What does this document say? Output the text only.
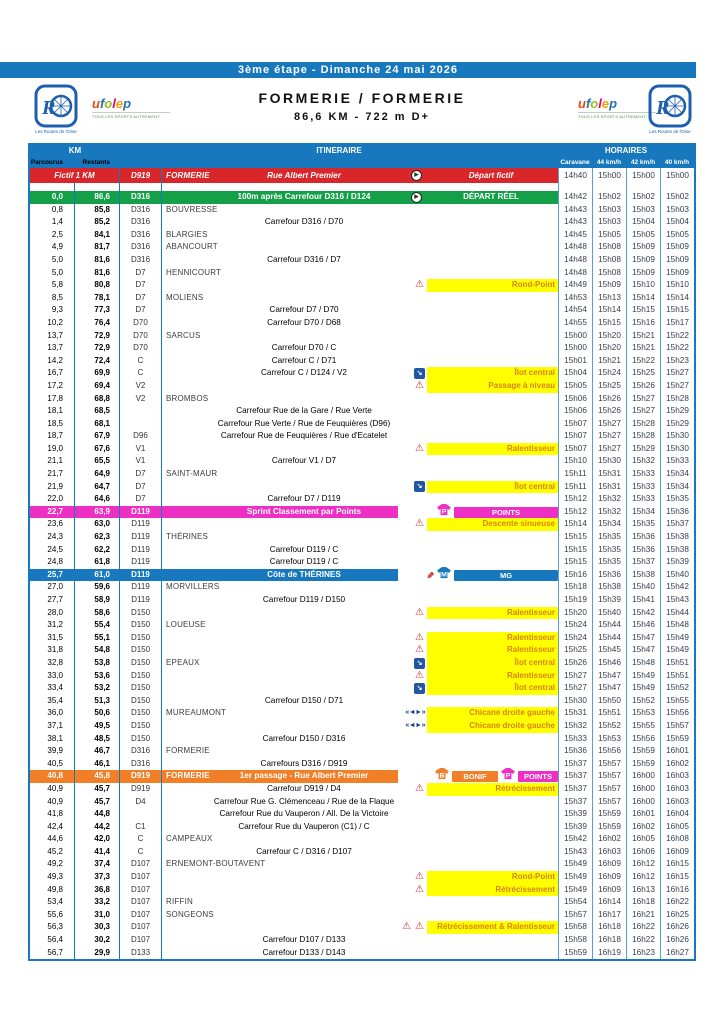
3ème étape - Dimanche 24 mai 2026
R
Les Routes de l'Oise
ufolep
TOUS LES SPORTS AUTREMENT
FORMERIE / FORMERIE
86,6 KM - 722 m D+
ufolep
TOUS LES SPORTS AUTREMENT R
Les Routes de l'Oise
KM	ITINERAIRE	HORAIRES
Parcourus	Restants	Caravane	44 km/h	42 km/h	40 km/h
Fictif 1 KM	D919	FORMERIE	Rue Albert Premier	▶	Départ fictif	14h40	15h00	15h00	15h00
0,0	86,6	D316	100m après Carrefour D316 / D124	▶	DÉPART RÉEL	14h42	15h02	15h02	15h02
0,8	85,8	D316	BOUVRESSE	14h43	15h03	15h03	15h03
1,4	85,2	D316	Carrefour D316 / D70	14h43	15h03	15h04	15h04
2,5	84,1	D316	BLARGIES	14h45	15h05	15h05	15h05
4,9	81,7	D316	ABANCOURT	14h48	15h08	15h09	15h09
5,0	81,6	D316	Carrefour D316 / D7	14h48	15h08	15h09	15h09
5,0	81,6	D7	HENNICOURT	14h48	15h08	15h09	15h09
5,8	80,8	D7	⚠	Rond-Point	14h49	15h09	15h10	15h10
8,5	78,1	D7	MOLIENS	14h53	15h13	15h14	15h14
9,3	77,3	D7	Carrefour D7 / D70	14h54	15h14	15h15	15h15
10,2	76,4	D70	Carrefour D70 / D68	14h55	15h15	15h16	15h17
13,7	72,9	D70	SARCUS	15h00	15h20	15h21	15h22
13,7	72,9	D70	Carrefour D70 / C	15h00	15h20	15h21	15h22
14,2	72,4	C	Carrefour C / D71	15h01	15h21	15h22	15h23
16,7	69,9	C	Carrefour C / D124 / V2	↘	Îlot central	15h04	15h24	15h25	15h27
17,2	69,4	V2	⚠	Passage à niveau	15h05	15h25	15h26	15h27
17,8	68,8	V2	BROMBOS	15h06	15h26	15h27	15h28
18,1	68,5	Carrefour Rue de la Gare / Rue Verte	15h06	15h26	15h27	15h29
18,5	68,1	Carrefour Rue Verte / Rue de Feuquières (D96)	15h07	15h27	15h28	15h29
18,7	67,9	D96	Carrefour Rue de Feuquières / Rue d'Ecatelet	15h07	15h27	15h28	15h30
19,0	67,6	V1	⚠	Ralentisseur	15h07	15h27	15h29	15h30
21,1	65,5	V1	Carrefour V1 / D7	15h10	15h30	15h32	15h33
21,7	64,9	D7	SAINT-MAUR	15h11	15h31	15h33	15h34
21,9	64,7	D7	↘	Îlot central	15h11	15h31	15h33	15h34
22,0	64,6	D7	Carrefour D7 / D119	15h12	15h32	15h33	15h35
22,7	63,9	D119	Sprint Classement par Points	P	POINTS	15h12	15h32	15h34	15h36
23,6	63,0	D119	⚠	Descente sinueuse	15h14	15h34	15h35	15h37
24,3	62,3	D119	THÉRINES	15h15	15h35	15h36	15h38
24,5	62,2	D119	Carrefour D119 / C	15h15	15h35	15h36	15h38
24,8	61,8	D119	Carrefour D119 / C	15h15	15h35	15h37	15h39
25,7	61,0	D119	Côte de THÉRINES	✎ M	MG	15h16	15h36	15h38	15h40
27,0	59,6	D119	MORVILLERS	15h18	15h38	15h40	15h42
27,7	58,9	D119	Carrefour D119 / D150	15h19	15h39	15h41	15h43
28,0	58,6	D150	⚠	Ralentisseur	15h20	15h40	15h42	15h44
31,2	55,4	D150	LOUEUSE	15h24	15h44	15h46	15h48
31,5	55,1	D150	⚠	Ralentisseur	15h24	15h44	15h47	15h49
31,8	54,8	D150	⚠	Ralentisseur	15h25	15h45	15h47	15h49
32,8	53,8	D150	EPEAUX	↘	Îlot central	15h26	15h46	15h48	15h51
33,0	53,6	D150	⚠	Ralentisseur	15h27	15h47	15h49	15h51
33,4	53,2	D150	↘	Îlot central	15h27	15h47	15h49	15h52
35,4	51,3	D150	Carrefour D150 / D71	15h30	15h50	15h52	15h55
36,0	50,6	D150	MUREAUMONT	«◄►»	Chicane droite gauche	15h31	15h51	15h53	15h56
37,1	49,5	D150	«◄►»	Chicane droite gauche	15h32	15h52	15h55	15h57
38,1	48,5	D150	Carrefour D150 / D316	15h33	15h53	15h56	15h59
39,9	46,7	D316	FORMERIE	15h36	15h56	15h59	16h01
40,5	46,1	D316	Carrefours D316 / D919	15h37	15h57	15h59	16h02
40,8	45,8	D919	FORMERIE	1er passage - Rue Albert Premier	B	BONIF	P	POINTS	15h37	15h57	16h00	16h03
40,9	45,7	D919	Carrefour D919 / D4	⚠	Rétrécissement	15h37	15h57	16h00	16h03
40,9	45,7	D4	Carrefour Rue G. Clémenceau / Rue de la Flaque	15h37	15h57	16h00	16h03
41,8	44,8	Carrefour Rue du Vauperon / All. De la Victoire	15h39	15h59	16h01	16h04
42,4	44,2	C1	Carrefour Rue du Vauperon (C1) / C	15h39	15h59	16h02	16h05
44,6	42,0	C	CAMPEAUX	15h42	16h02	16h05	16h08
45,2	41,4	C	Carrefour C / D316 / D107	15h43	16h03	16h06	16h09
49,2	37,4	D107	ERNEMONT-BOUTAVENT	15h49	16h09	16h12	16h15
49,3	37,3	D107	⚠	Rond-Point	15h49	16h09	16h12	16h15
49,8	36,8	D107	⚠	Rétrécissement	15h49	16h09	16h13	16h16
53,4	33,2	D107	RIFFIN	15h54	16h14	16h18	16h22
55,6	31,0	D107	SONGEONS	15h57	16h17	16h21	16h25
56,3	30,3	D107	⚠ ⚠	Rétrécissement & Ralentisseur	15h58	16h18	16h22	16h26
56,4	30,2	D107	Carrefour D107 / D133	15h58	16h18	16h22	16h26
56,7	29,9	D133	Carrefour D133 / D143	15h59	16h19	16h23	16h27
